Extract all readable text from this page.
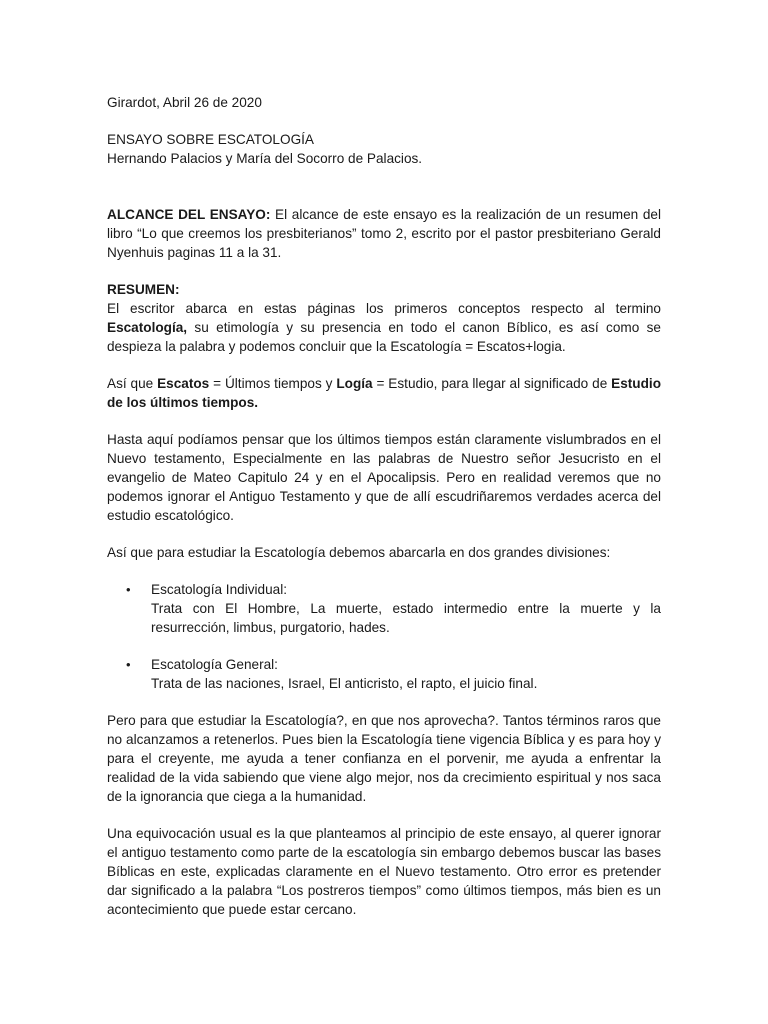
Girardot, Abril 26 de 2020

ENSAYO SOBRE ESCATOLOGÍA

Hernando Palacios y María del Socorro de Palacios.

ALCANCE DEL ENSAYO: El alcance de este ensayo es la realización de un resumen del libro “Lo que creemos los presbiterianos” tomo 2, escrito por el pastor presbiteriano Gerald Nyenhuis paginas 11 a la 31.

RESUMEN:

El escritor abarca en estas páginas los primeros conceptos respecto al termino Escatología, su etimología y su presencia en todo el canon Bíblico, es así como se despieza la palabra y podemos concluir que la Escatología = Escatos+logia.

Así que Escatos = Últimos tiempos y Logía = Estudio, para llegar al significado de Estudio de los últimos tiempos.

Hasta aquí podíamos pensar que los últimos tiempos están claramente vislumbrados en el Nuevo testamento, Especialmente en las palabras de Nuestro señor Jesucristo en el evangelio de Mateo Capitulo 24 y en el Apocalipsis. Pero en realidad veremos que no podemos ignorar el Antiguo Testamento y que de allí escudriñaremos verdades acerca del estudio escatológico.

Así que para estudiar la Escatología debemos abarcarla en dos grandes divisiones:

• Escatología Individual:

Trata con El Hombre, La muerte, estado intermedio entre la muerte y la resurrección, limbus, purgatorio, hades.

• Escatología General:

Trata de las naciones, Israel, El anticristo, el rapto, el juicio final.

Pero para que estudiar la Escatología?, en que nos aprovecha?. Tantos términos raros que no alcanzamos a retenerlos. Pues bien la Escatología tiene vigencia Bíblica y es para hoy y para el creyente, me ayuda a tener confianza en el porvenir, me ayuda a enfrentar la realidad de la vida sabiendo que viene algo mejor, nos da crecimiento espiritual y nos saca de la ignorancia que ciega a la humanidad.

Una equivocación usual es la que planteamos al principio de este ensayo, al querer ignorar el antiguo testamento como parte de la escatología sin embargo debemos buscar las bases Bíblicas en este, explicadas claramente en el Nuevo testamento. Otro error es pretender dar significado a la palabra “Los postreros tiempos” como últimos tiempos, más bien es un acontecimiento que puede estar cercano.
